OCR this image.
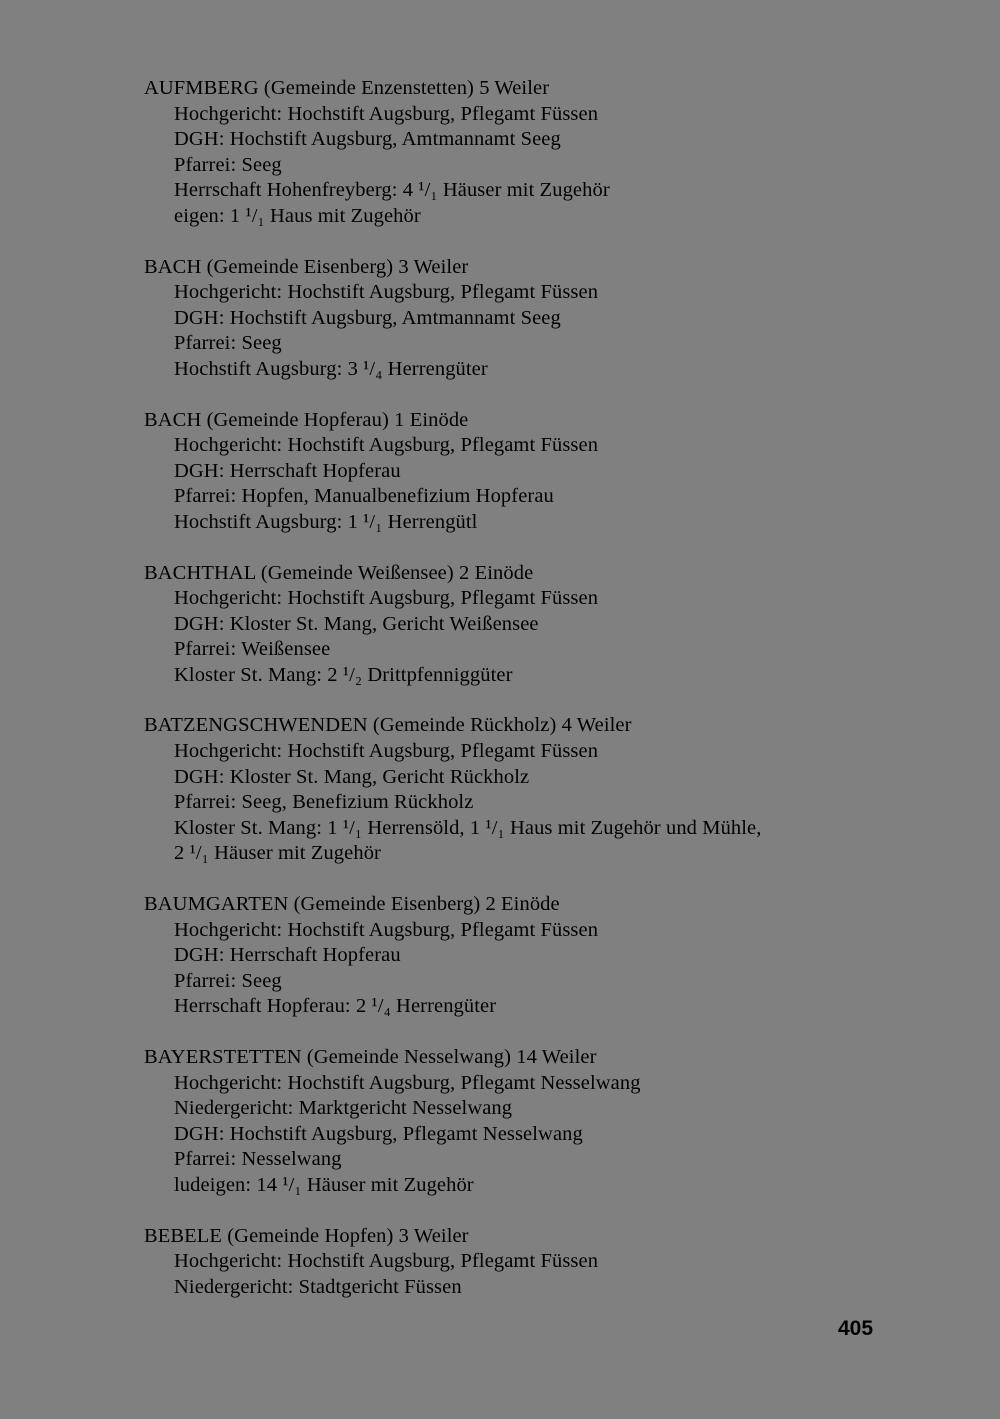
AUFMBERG (Gemeinde Enzenstetten) 5 Weiler
Hochgericht: Hochstift Augsburg, Pflegamt Füssen
DGH: Hochstift Augsburg, Amtmannamt Seeg
Pfarrei: Seeg
Herrschaft Hohenfreyberg: 4 ¹/₁ Häuser mit Zugehör
eigen: 1 ¹/₁ Haus mit Zugehör
BACH (Gemeinde Eisenberg) 3 Weiler
Hochgericht: Hochstift Augsburg, Pflegamt Füssen
DGH: Hochstift Augsburg, Amtmannamt Seeg
Pfarrei: Seeg
Hochstift Augsburg: 3 ¹/₄ Herrengüter
BACH (Gemeinde Hopferau) 1 Einöde
Hochgericht: Hochstift Augsburg, Pflegamt Füssen
DGH: Herrschaft Hopferau
Pfarrei: Hopfen, Manualbenefizium Hopferau
Hochstift Augsburg: 1 ¹/₁ Herrengütl
BACHTHAL (Gemeinde Weißensee) 2 Einöde
Hochgericht: Hochstift Augsburg, Pflegamt Füssen
DGH: Kloster St. Mang, Gericht Weißensee
Pfarrei: Weißensee
Kloster St. Mang: 2 ¹/₂ Drittpfenniggüter
BATZENGSCHWENDEN (Gemeinde Rückholz) 4 Weiler
Hochgericht: Hochstift Augsburg, Pflegamt Füssen
DGH: Kloster St. Mang, Gericht Rückholz
Pfarrei: Seeg, Benefizium Rückholz
Kloster St. Mang: 1 ¹/₁ Herrensöld, 1 ¹/₁ Haus mit Zugehör und Mühle,
2 ¹/₁ Häuser mit Zugehör
BAUMGARTEN (Gemeinde Eisenberg) 2 Einöde
Hochgericht: Hochstift Augsburg, Pflegamt Füssen
DGH: Herrschaft Hopferau
Pfarrei: Seeg
Herrschaft Hopferau: 2 ¹/₄ Herrengüter
BAYERSTETTEN (Gemeinde Nesselwang) 14 Weiler
Hochgericht: Hochstift Augsburg, Pflegamt Nesselwang
Niedergericht: Marktgericht Nesselwang
DGH: Hochstift Augsburg, Pflegamt Nesselwang
Pfarrei: Nesselwang
ludeigen: 14 ¹/₁ Häuser mit Zugehör
BEBELE (Gemeinde Hopfen) 3 Weiler
Hochgericht: Hochstift Augsburg, Pflegamt Füssen
Niedergericht: Stadtgericht Füssen
405
